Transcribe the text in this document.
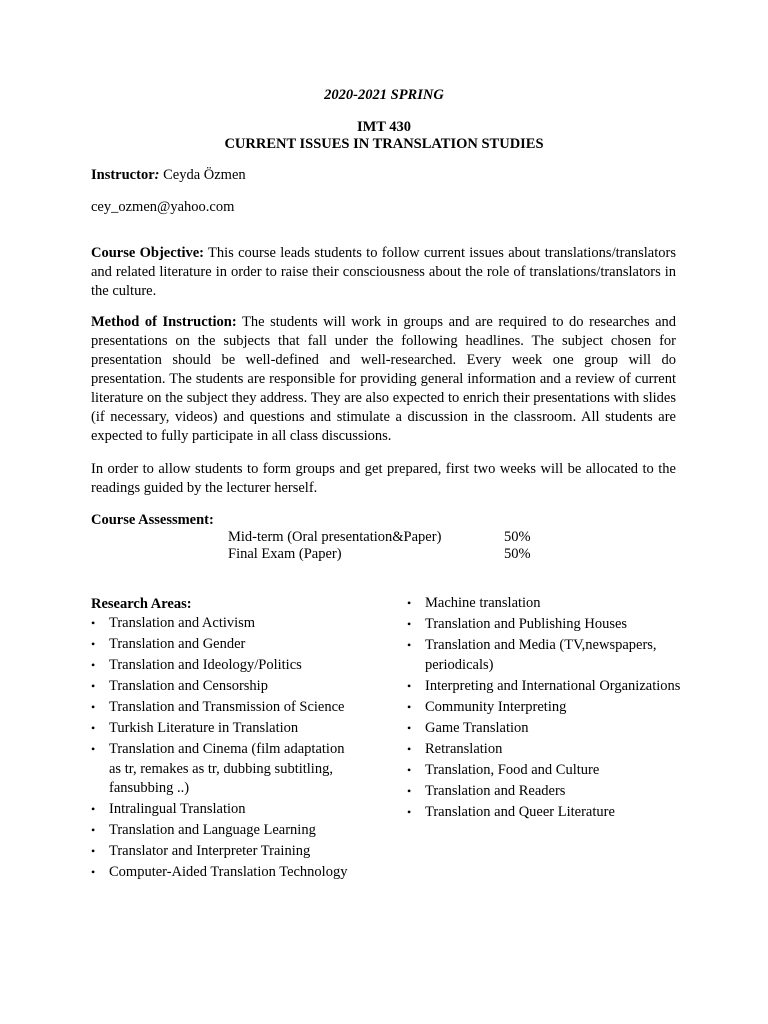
2020-2021 SPRING
IMT 430
CURRENT ISSUES IN TRANSLATION STUDIES
Instructor: Ceyda Özmen
cey_ozmen@yahoo.com
Course Objective: This course leads students to follow current issues about translations/translators and related literature in order to raise their consciousness about the role of translations/translators in the culture.
Method of Instruction: The students will work in groups and are required to do researches and presentations on the subjects that fall under the following headlines. The subject chosen for presentation should be well-defined and well-researched. Every week one group will do presentation. The students are responsible for providing general information and a review of current literature on the subject they address. They are also expected to enrich their presentations with slides (if necessary, videos) and questions and stimulate a discussion in the classroom. All students are expected to fully participate in all class discussions.
In order to allow students to form groups and get prepared, first two weeks will be allocated to the readings guided by the lecturer herself.
Course Assessment:
Mid-term (Oral presentation&Paper)	50%
Final Exam (Paper)	50%
Research Areas:
• Translation and Activism
• Translation and Gender
• Translation and Ideology/Politics
• Translation and Censorship
• Translation and Transmission of Science
• Turkish Literature in Translation
• Translation and Cinema (film adaptation as tr, remakes as tr, dubbing subtitling, fansubbing ..)
• Intralingual Translation
• Translation and Language Learning
• Translator and Interpreter Training
• Computer-Aided Translation Technology
• Machine translation
• Translation and Publishing Houses
• Translation and Media (TV,newspapers, periodicals)
• Interpreting and International Organizations
• Community Interpreting
• Game Translation
• Retranslation
• Translation, Food and Culture
• Translation and Readers
• Translation and Queer Literature
